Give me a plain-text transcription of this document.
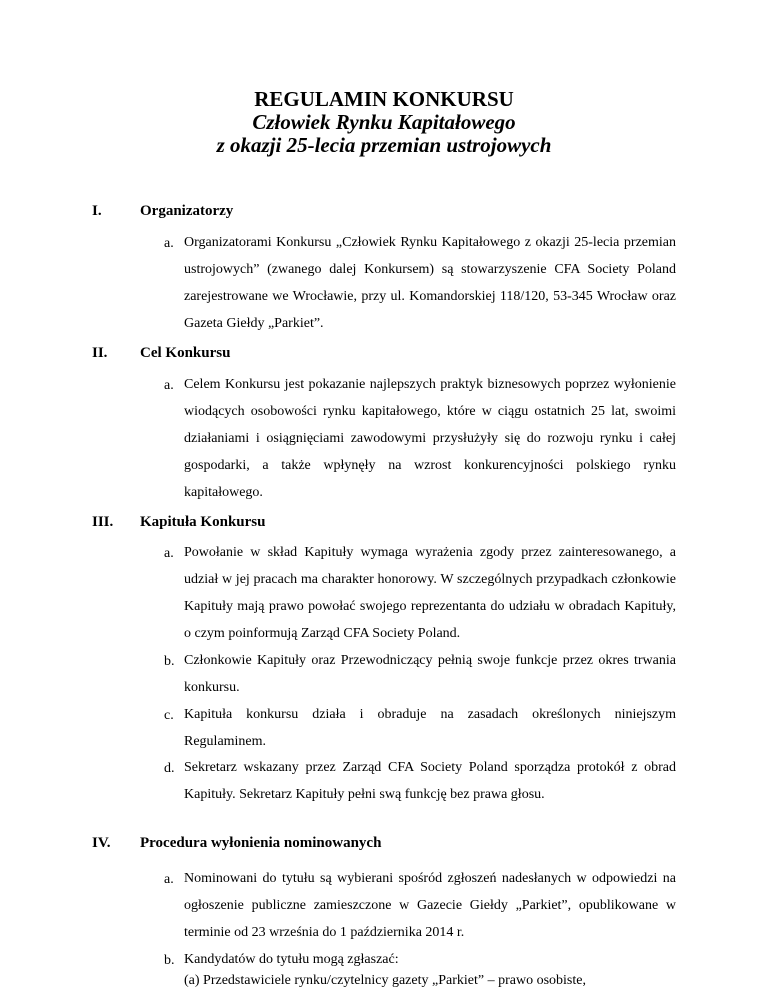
REGULAMIN KONKURSU
Człowiek Rynku Kapitałowego
z okazji 25-lecia przemian ustrojowych
I.	Organizatorzy
a. Organizatorami Konkursu „Człowiek Rynku Kapitałowego z okazji 25-lecia przemian ustrojowych” (zwanego dalej Konkursem) są stowarzyszenie CFA Society Poland zarejestrowane we Wrocławie, przy ul. Komandorskiej 118/120, 53-345 Wrocław oraz Gazeta Giełdy „Parkiet”.
II. Cel Konkursu
a. Celem Konkursu jest pokazanie najlepszych praktyk biznesowych poprzez wyłonienie wiodących osobowości rynku kapitałowego, które w ciągu ostatnich 25 lat, swoimi działaniami i osiągnięciami zawodowymi przysłużyły się do rozwoju rynku i całej gospodarki, a także wpłynęły na wzrost konkurencyjności polskiego rynku kapitałowego.
III. Kapituła Konkursu
a. Powołanie w skład Kapituły wymaga wyrażenia zgody przez zainteresowanego, a udział w jej pracach ma charakter honorowy. W szczególnych przypadkach członkowie Kapituły mają prawo powołać swojego reprezentanta do udziału w obradach Kapituły, o czym poinformują Zarząd CFA Society Poland.
b. Członkowie Kapituły oraz Przewodniczący pełnią swoje funkcje przez okres trwania konkursu.
c. Kapituła konkursu działa i obraduje na zasadach określonych niniejszym
Regulaminem.
d. Sekretarz wskazany przez Zarząd CFA Society Poland sporządza protokół z obrad Kapituły. Sekretarz Kapituły pełni swą funkcję bez prawa głosu.
IV. Procedura wyłonienia nominowanych
a. Nominowani do tytułu są wybierani spośród zgłoszeń nadesłanych w odpowiedzi na ogłoszenie publiczne zamieszczone w Gazecie Giełdy „Parkiet”, opublikowane w terminie od 23 września do 1 października 2014 r.
b. Kandydatów do tytułu mogą zgłaszać:
(a) Przedstawiciele rynku/czytelnicy gazety „Parkiet” – prawo osobiste,
